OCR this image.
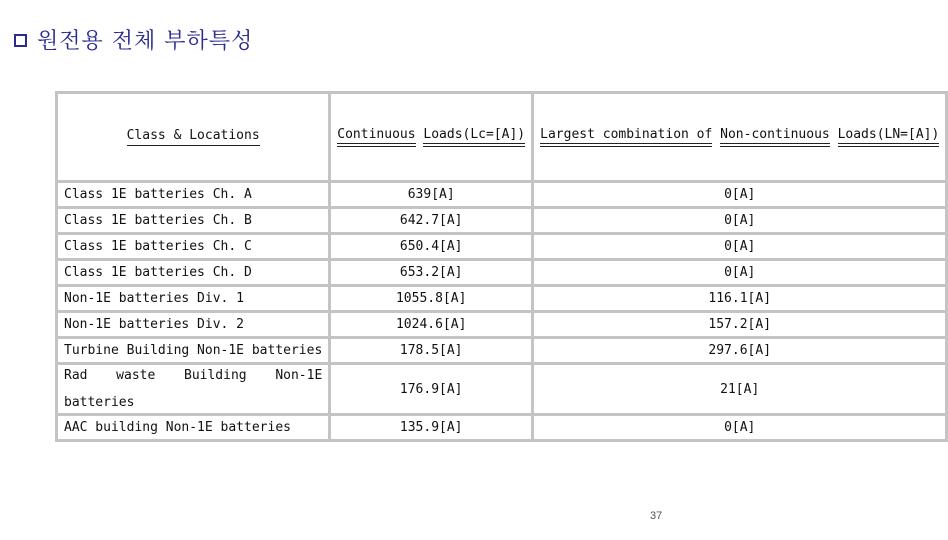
원전용 전체 부하특성
Class & Locations	Continuous Loads(Lc=[A])	Largest combination of Non-continuous Loads(LN=[A])
Class 1E batteries Ch. A	639[A]	0[A]
Class 1E batteries Ch. B	642.7[A]	0[A]
Class 1E batteries Ch. C	650.4[A]	0[A]
Class 1E batteries Ch. D	653.2[A]	0[A]
Non-1E batteries Div. 1	1055.8[A]	116.1[A]
Non-1E batteries Div. 2	1024.6[A]	157.2[A]
Turbine Building Non-1E batteries	178.5[A]	297.6[A]

Rad waste Building Non-1E
batteries	176.9[A]	21[A]
AAC building Non-1E batteries	135.9[A]	0[A]
37
